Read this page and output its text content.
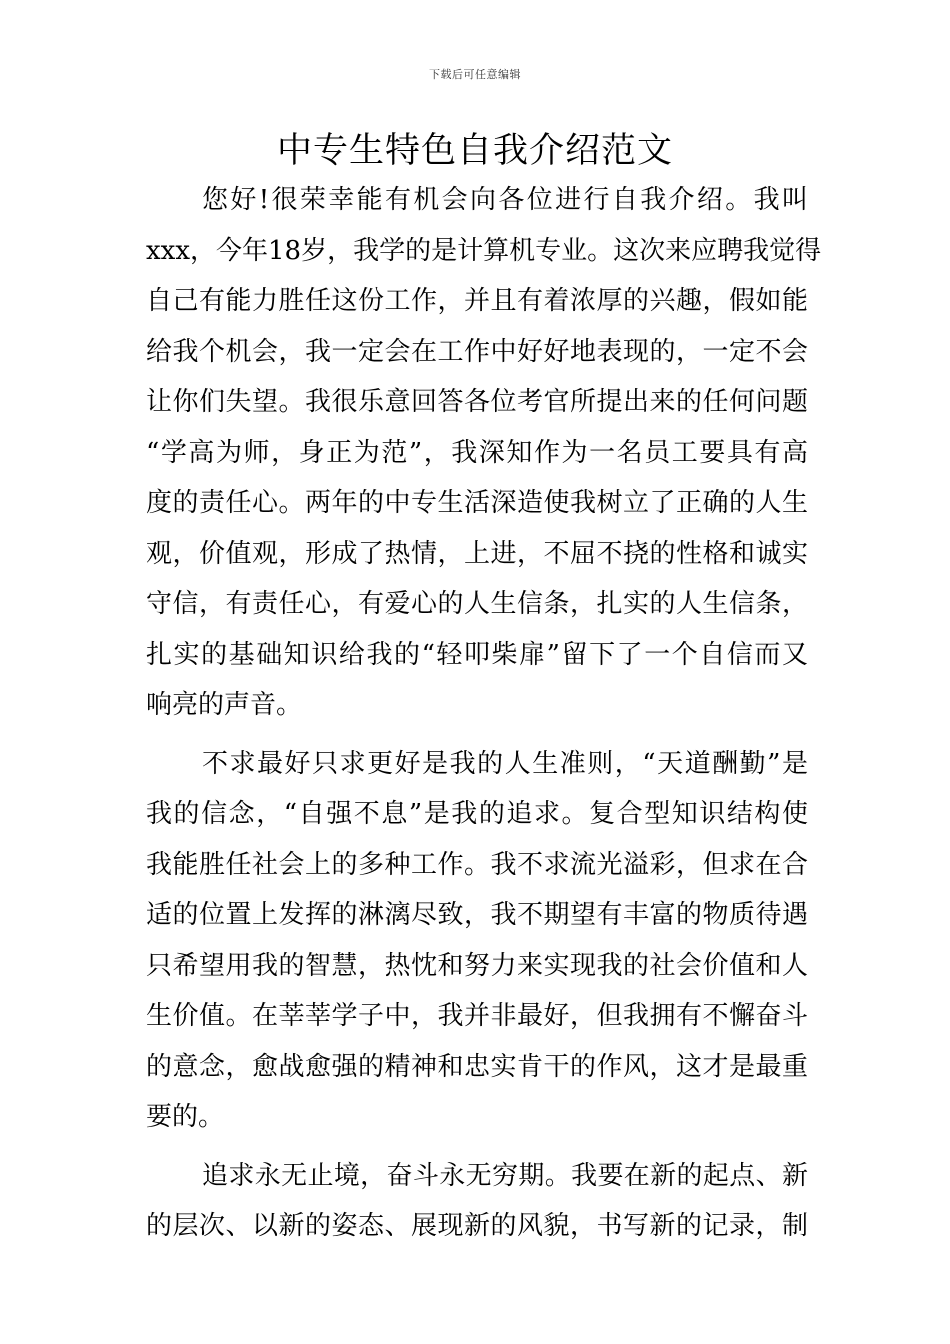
下载后可任意编辑
中专生特色自我介绍范文
您好!很荣幸能有机会向各位进行自我介绍。我叫
xxx，今年18岁，我学的是计算机专业。这次来应聘我觉得
自己有能力胜任这份工作，并且有着浓厚的兴趣，假如能
给我个机会，我一定会在工作中好好地表现的，一定不会
让你们失望。我很乐意回答各位考官所提出来的任何问题
“学高为师，身正为范”，我深知作为一名员工要具有高
度的责任心。两年的中专生活深造使我树立了正确的人生
观，价值观，形成了热情，上进，不屈不挠的性格和诚实
守信，有责任心，有爱心的人生信条，扎实的人生信条，
扎实的基础知识给我的“轻叩柴扉”留下了一个自信而又
响亮的声音。
不求最好只求更好是我的人生准则，“天道酬勤”是
我的信念，“自强不息”是我的追求。复合型知识结构使
我能胜任社会上的多种工作。我不求流光溢彩，但求在合
适的位置上发挥的淋漓尽致，我不期望有丰富的物质待遇
只希望用我的智慧，热忱和努力来实现我的社会价值和人
生价值。在莘莘学子中，我并非最好，但我拥有不懈奋斗
的意念，愈战愈强的精神和忠实肯干的作风，这才是最重
要的。
追求永无止境，奋斗永无穷期。我要在新的起点、新
的层次、以新的姿态、展现新的风貌，书写新的记录，制
